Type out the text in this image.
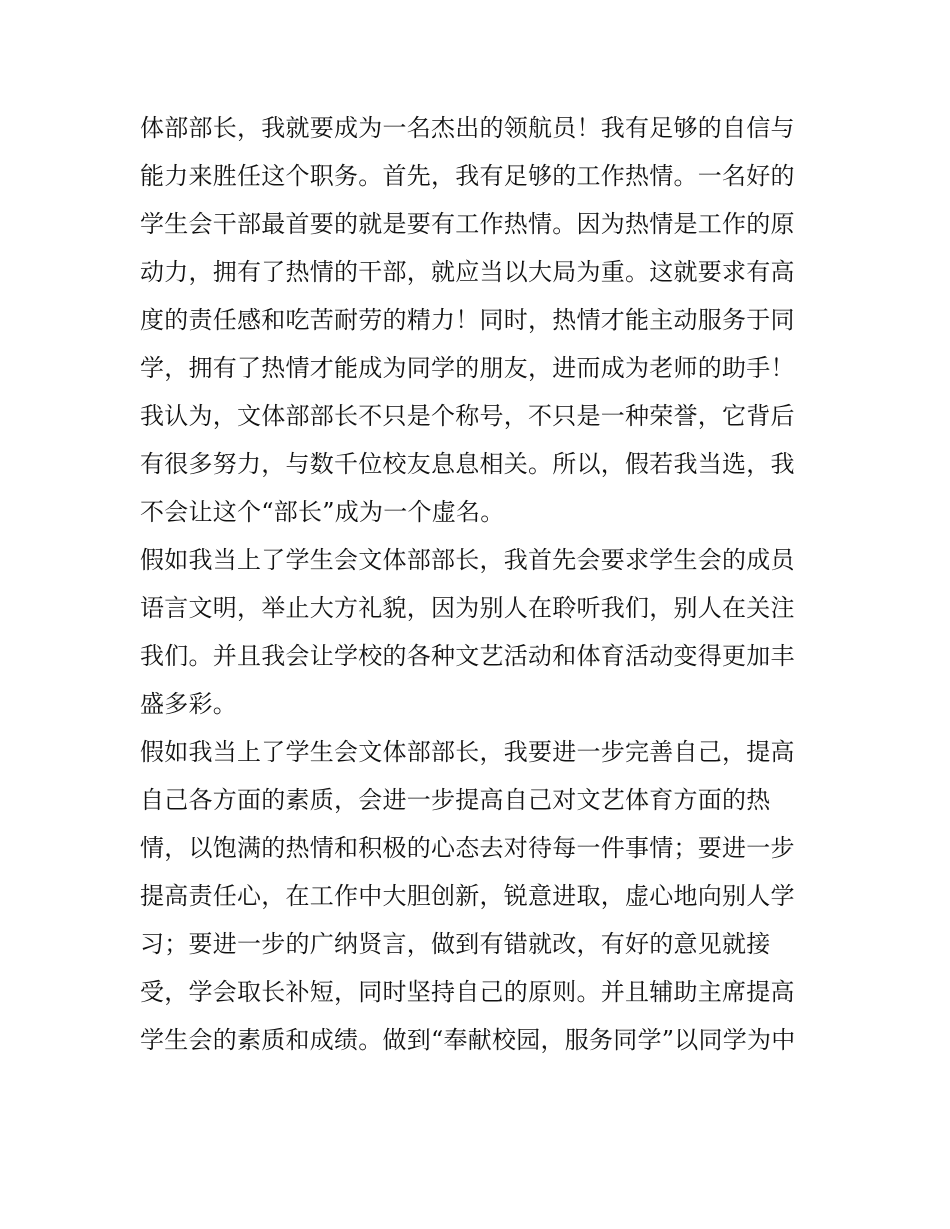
体部部长，我就要成为一名杰出的领航员！我有足够的自信与
能力来胜任这个职务。首先，我有足够的工作热情。一名好的
学生会干部最首要的就是要有工作热情。因为热情是工作的原
动力，拥有了热情的干部，就应当以大局为重。这就要求有高
度的责任感和吃苦耐劳的精力！同时，热情才能主动服务于同
学，拥有了热情才能成为同学的朋友，进而成为老师的助手！
我认为，文体部部长不只是个称号，不只是一种荣誉，它背后
有很多努力，与数千位校友息息相关。所以，假若我当选，我
不会让这个“部长”成为一个虚名。
假如我当上了学生会文体部部长，我首先会要求学生会的成员
语言文明，举止大方礼貌，因为别人在聆听我们，别人在关注
我们。并且我会让学校的各种文艺活动和体育活动变得更加丰
盛多彩。
假如我当上了学生会文体部部长，我要进一步完善自己，提高
自己各方面的素质，会进一步提高自己对文艺体育方面的热
情，以饱满的热情和积极的心态去对待每一件事情；要进一步
提高责任心，在工作中大胆创新，锐意进取，虚心地向别人学
习；要进一步的广纳贤言，做到有错就改，有好的意见就接
受，学会取长补短，同时坚持自己的原则。并且辅助主席提高
学生会的素质和成绩。做到“奉献校园，服务同学”以同学为中
